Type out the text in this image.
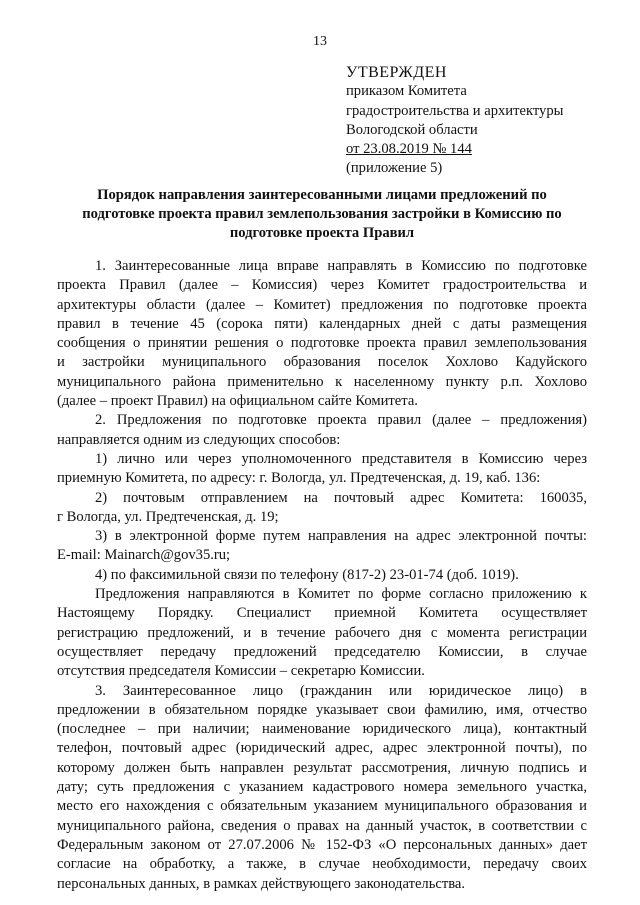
13
УТВЕРЖДЕН
приказом Комитета
градостроительства и архитектуры
Вологодской области
от 23.08.2019 № 144
(приложение 5)
Порядок направления заинтересованными лицами предложений по
подготовке проекта правил землепользования застройки в Комиссию по
подготовке проекта Правил
1. Заинтересованные лица вправе направлять в Комиссию по подготовке
проекта Правил (далее – Комиссия) через Комитет градостроительства и
архитектуры области (далее – Комитет) предложения по подготовке проекта
правил в течение 45 (сорока пяти) календарных дней с даты размещения
сообщения о принятии решения о подготовке проекта правил землепользования
и застройки муниципального образования поселок Хохлово Кадуйского
муниципального района применительно к населенному пункту р.п. Хохлово
(далее – проект Правил) на официальном сайте Комитета.
2. Предложения по подготовке проекта правил (далее – предложения)
направляется одним из следующих способов:
1) лично или через уполномоченного представителя в Комиссию через
приемную Комитета, по адресу: г. Вологда, ул. Предтеченская, д. 19, каб. 136:
2) почтовым отправлением на почтовый адрес Комитета: 160035,
г Вологда, ул. Предтеченская, д. 19;
3) в электронной форме путем направления на адрес электронной почты:
E-mail: Mainarch@gov35.ru;
4) по факсимильной связи по телефону (817-2) 23-01-74 (доб. 1019).
Предложения направляются в Комитет по форме согласно приложению к
Настоящему Порядку. Специалист приемной Комитета осуществляет
регистрацию предложений, и в течение рабочего дня с момента регистрации
осуществляет передачу предложений председателю Комиссии, в случае
отсутствия председателя Комиссии – секретарю Комиссии.
3. Заинтересованное лицо (гражданин или юридическое лицо) в
предложении в обязательном порядке указывает свои фамилию, имя, отчество
(последнее – при наличии; наименование юридического лица), контактный
телефон, почтовый адрес (юридический адрес, адрес электронной почты), по
которому должен быть направлен результат рассмотрения, личную подпись и
дату; суть предложения с указанием кадастрового номера земельного участка,
место его нахождения с обязательным указанием муниципального образования и
муниципального района, сведения о правах на данный участок, в соответствии с
Федеральным законом от 27.07.2006 № 152-ФЗ «О персональных данных» дает
согласие на обработку, а также, в случае необходимости, передачу своих
персональных данных, в рамках действующего законодательства.
